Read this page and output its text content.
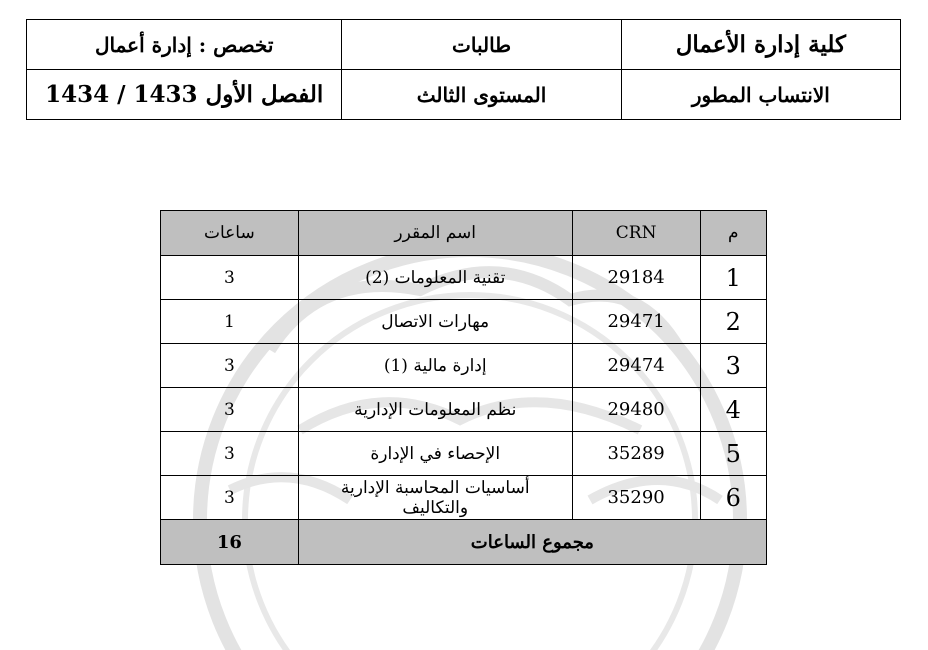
كلية إدارة الأعمال	طالبات	تخصص : إدارة أعمال
الانتساب المطور	المستوى الثالث	الفصل الأول 1433 / 1434
م	CRN	اسم المقرر	ساعات
1	29184	تقنية المعلومات (2)	3
2	29471	مهارات الاتصال	1
3	29474	إدارة مالية (1)	3
4	29480	نظم المعلومات الإدارية	3
5	35289	الإحصاء في الإدارة	3
6	35290	أساسيات المحاسبة الإدارية والتكاليف	3
مجموع الساعات			16
